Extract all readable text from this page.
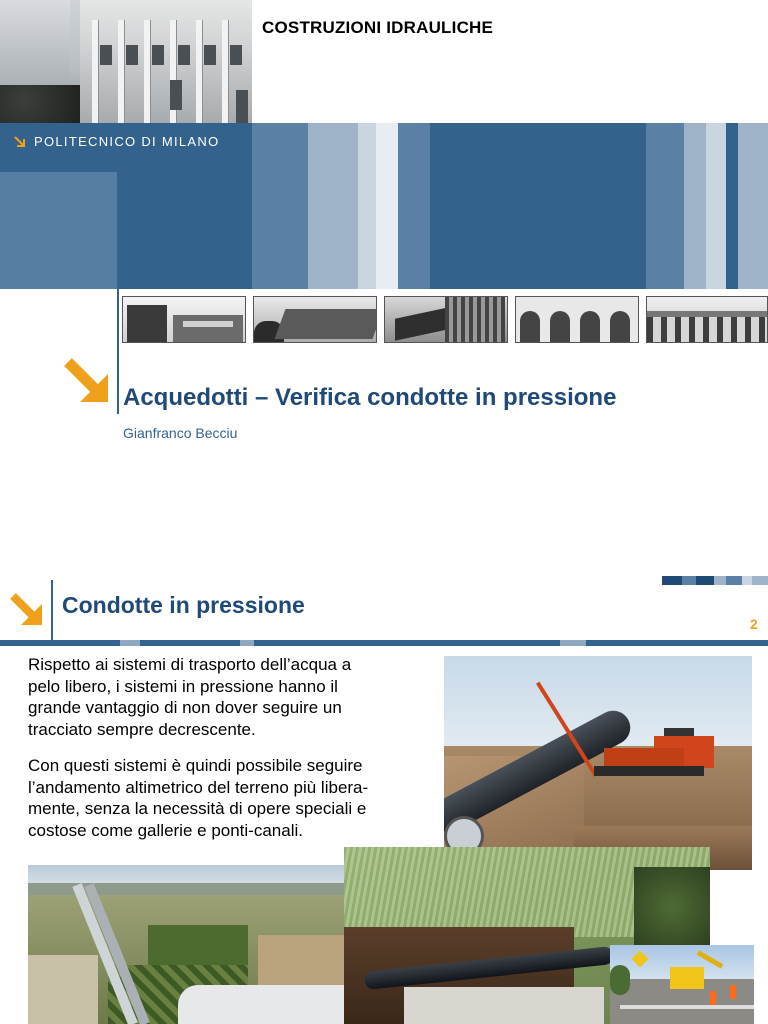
COSTRUZIONI IDRAULICHE
POLITECNICO DI MILANO
Acquedotti – Verifica condotte in pressione
Gianfranco Becciu
Condotte in pressione
2
Rispetto ai sistemi di trasporto dell’acqua a
pelo libero, i sistemi in pressione hanno il
grande vantaggio di non dover seguire un
tracciato sempre decrescente.
Con questi sistemi è quindi possibile seguire
l’andamento altimetrico del terreno più libera-
mente, senza la necessità di opere speciali e
costose come gallerie e ponti-canali.
